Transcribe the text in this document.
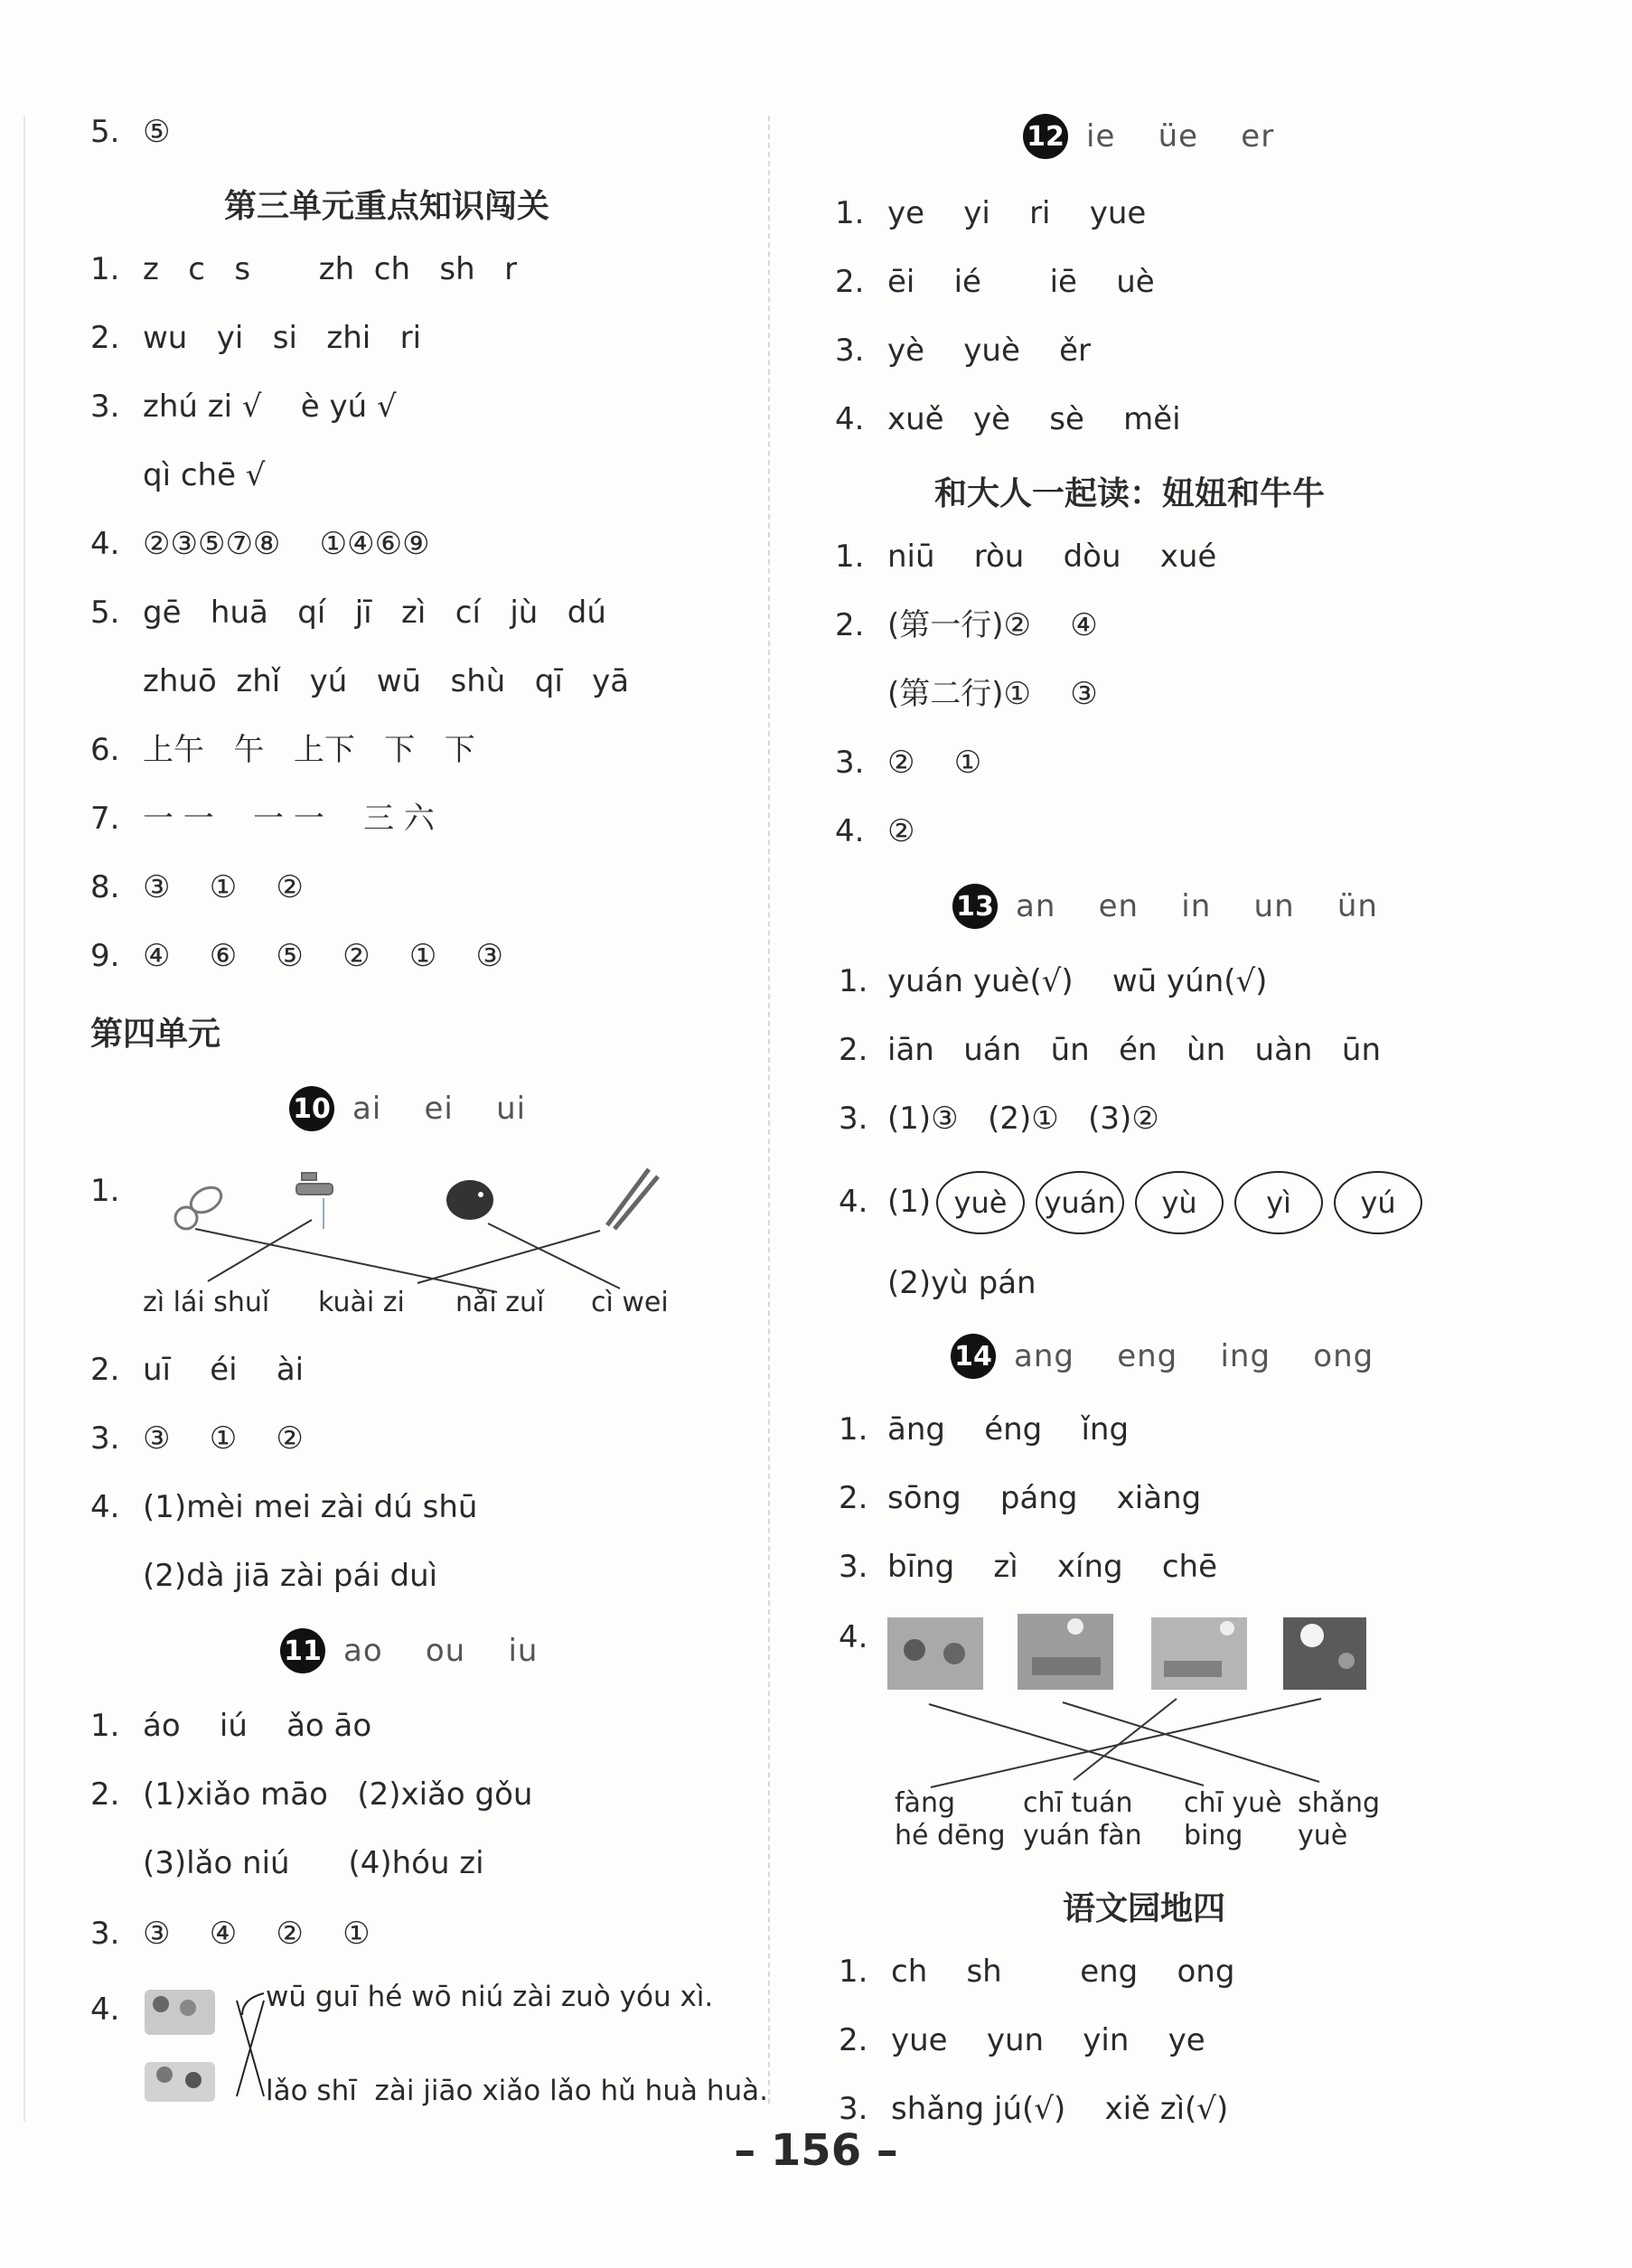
5. ⑤
第三单元重点知识闯关
1. z   c   s       zh  ch   sh   r
2. wu   yi   si   zhi   ri
3. zhú zi √    è yú √
qì chē √
4. ②③⑤⑦⑧    ①④⑥⑨
5. gē   huā   qí   jī   zì   cí   jù   dú
zhuō  zhǐ   yú   wū   shù   qī   yā
6. 上午   午   上下   下   下
7. 一 一    一 一    三 六
8. ③    ①    ②
9. ④    ⑥    ⑤    ②    ①    ③
第四单元
10 ai    ei    ui
1.
zì lái shuǐ kuài zi nǎi zuǐ cì wei
2. uī    éi    ài
3. ③    ①    ②
4. (1)mèi mei zài dú shū
(2)dà jiā zài pái duì
11 ao    ou    iu
1. áo    iú    ǎo āo
2. (1)xiǎo māo   (2)xiǎo gǒu
(3)lǎo niú      (4)hóu zi
3. ③    ④    ②    ①
4.	wū guī hé wō niú zài zuò yóu xì.
lǎo shī  zài jiāo xiǎo lǎo hǔ huà huà.
12 ie    üe    er
1. ye    yi    ri    yue
2. ēi    ié       iē    uè
3. yè    yuè    ěr
4. xuě   yè    sè    měi
和大人一起读：妞妞和牛牛
1. niū    ròu    dòu    xué
2. (第一行)②    ④
(第二行)①    ③
3. ②    ①
4. ②
13 an    en    in    un    ün
1. yuán yuè(√)    wū yún(√)
2. iān   uán   ūn   én   ùn   uàn   ūn
3. (1)③   (2)①   (3)②
4. (1) yuè	yuán	yù	yì	yú
(2)yù pán
14 ang    eng    ing    ong
1. āng    éng    ǐng
2. sōng    páng    xiàng
3. bīng    zì    xíng    chē
4.
fàng
hé dēng
chī tuán
yuán fàn
chī yuè
bing
shǎng
yuè
语文园地四
1. ch    sh        eng    ong
2. yue    yun    yin    ye
3. shǎng jú(√)    xiě zì(√)
– 156 –
